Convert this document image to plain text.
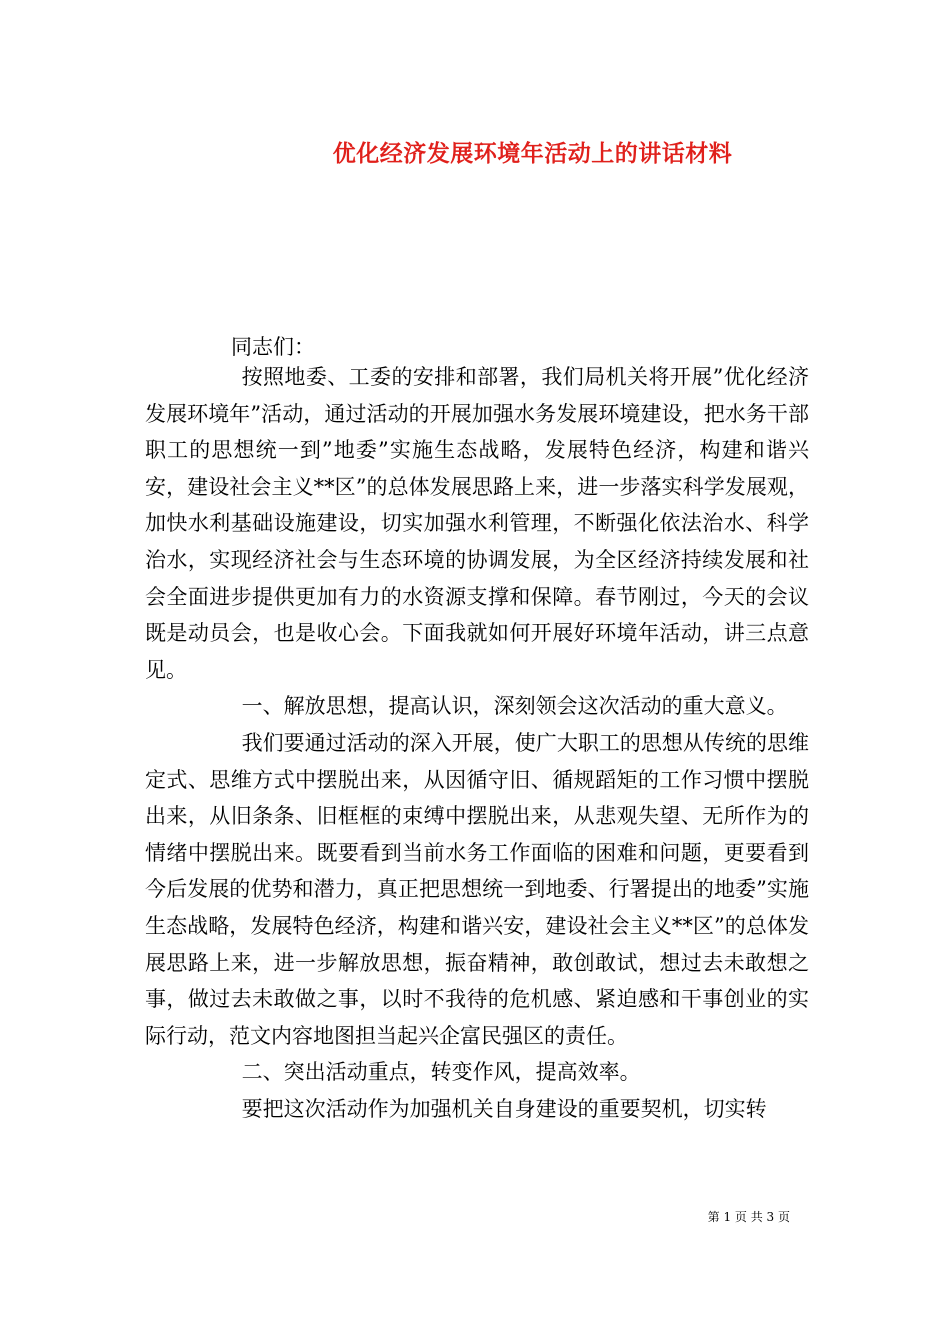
优化经济发展环境年活动上的讲话材料
同志们：

按照地委、工委的安排和部署，我们局机关将开展”优化经济发展环境年”活动，通过活动的开展加强水务发展环境建设，把水务干部职工的思想统一到”地委”实施生态战略，发展特色经济，构建和谐兴安，建设社会主义**区”的总体发展思路上来，进一步落实科学发展观，加快水利基础设施建设，切实加强水利管理，不断强化依法治水、科学治水，实现经济社会与生态环境的协调发展，为全区经济持续发展和社会全面进步提供更加有力的水资源支撑和保障。春节刚过，今天的会议既是动员会，也是收心会。下面我就如何开展好环境年活动，讲三点意见。

一、解放思想，提高认识，深刻领会这次活动的重大意义。

我们要通过活动的深入开展，使广大职工的思想从传统的思维定式、思维方式中摆脱出来，从因循守旧、循规蹈矩的工作习惯中摆脱出来，从旧条条、旧框框的束缚中摆脱出来，从悲观失望、无所作为的情绪中摆脱出来。既要看到当前水务工作面临的困难和问题，更要看到今后发展的优势和潜力，真正把思想统一到地委、行署提出的地委”实施生态战略，发展特色经济，构建和谐兴安，建设社会主义**区”的总体发展思路上来，进一步解放思想，振奋精神，敢创敢试，想过去未敢想之事，做过去未敢做之事，以时不我待的危机感、紧迫感和干事创业的实际行动，范文内容地图担当起兴企富民强区的责任。

二、突出活动重点，转变作风，提高效率。

要把这次活动作为加强机关自身建设的重要契机，切实转

第 1 页 共 3 页
